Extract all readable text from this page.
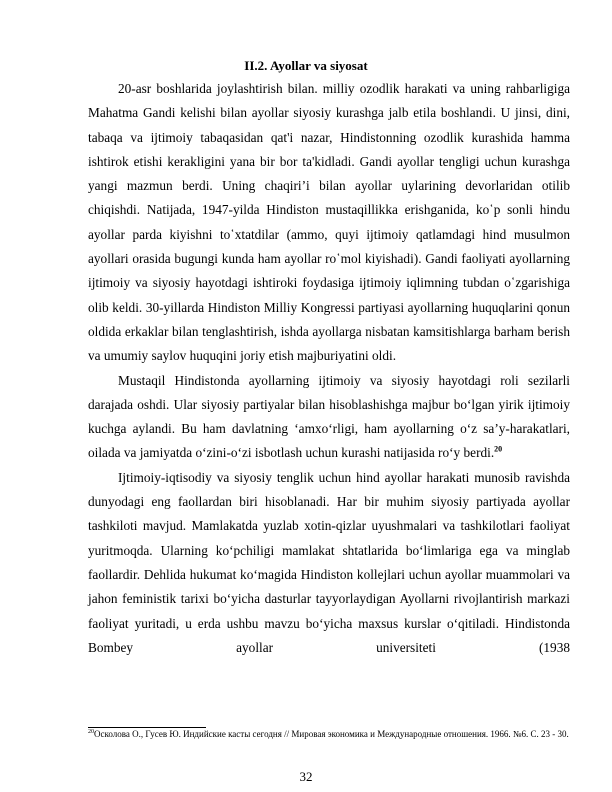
II.2. Ayollar va siyosat

20-asr boshlarida joylashtirish bilan. milliy ozodlik harakati va uning rahbarligiga Mahatma Gandi kelishi bilan ayollar siyosiy kurashga jalb etila boshlandi. U jinsi, dini, tabaqa va ijtimoiy tabaqasidan qat'i nazar, Hindistonning ozodlik kurashida hamma ishtirok etishi kerakligini yana bir bor ta'kidladi. Gandi ayollar tengligi uchun kurashga yangi mazmun berdi. Uning chaqiri’i bilan ayollar uylarining devorlaridan otilib chiqishdi. Natijada, 1947-yilda Hindiston mustaqillikka erishganida, ko῾p sonli hindu ayollar parda kiyishni to῾xtatdilar (ammo, quyi ijtimoiy qatlamdagi hind musulmon ayollari orasida bugungi kunda ham ayollar ro῾mol kiyishadi). Gandi faoliyati ayollarning ijtimoiy va siyosiy hayotdagi ishtiroki foydasiga ijtimoiy iqlimning tubdan o῾zgarishiga olib keldi. 30-yillarda Hindiston Milliy Kongressi partiyasi ayollarning huquqlarini qonun oldida erkaklar bilan tenglashtirish, ishda ayollarga nisbatan kamsitishlarga barham berish va umumiy saylov huquqini joriy etish majburiyatini oldi.

Mustaqil Hindistonda ayollarning ijtimoiy va siyosiy hayotdagi roli sezilarli darajada oshdi. Ular siyosiy partiyalar bilan hisoblashishga majbur bo‘lgan yirik ijtimoiy kuchga aylandi. Bu ham davlatning ‘amxo‘rligi, ham ayollarning o‘z sa’y-harakatlari, oilada va jamiyatda o‘zini-o‘zi isbotlash uchun kurashi natijasida ro‘y berdi.$^{20}$

Ijtimoiy-iqtisodiy va siyosiy tenglik uchun hind ayollar harakati munosib ravishda dunyodagi eng faollardan biri hisoblanadi. Har bir muhim siyosiy partiyada ayollar tashkiloti mavjud. Mamlakatda yuzlab xotin-qizlar uyushmalari va tashkilotlari faoliyat yuritmoqda. Ularning ko‘pchiligi mamlakat shtatlarida bo‘limlariga ega va minglab faollardir. Dehlida hukumat ko‘magida Hindiston kollejlari uchun ayollar muammolari va jahon feministik tarixi bo‘yicha dasturlar tayyorlaydigan Ayollarni rivojlantirish markazi faoliyat yuritadi, u erda ushbu mavzu bo‘yicha maxsus kurslar o‘qitiladi. Hindistonda Bombey ayollar universiteti (1938

$^{20}$Осколова О., Гусев Ю. Индийские касты сегодня // Мировая экономика и Международные отношения. 1966. №6. С. 23 - 30.
32
